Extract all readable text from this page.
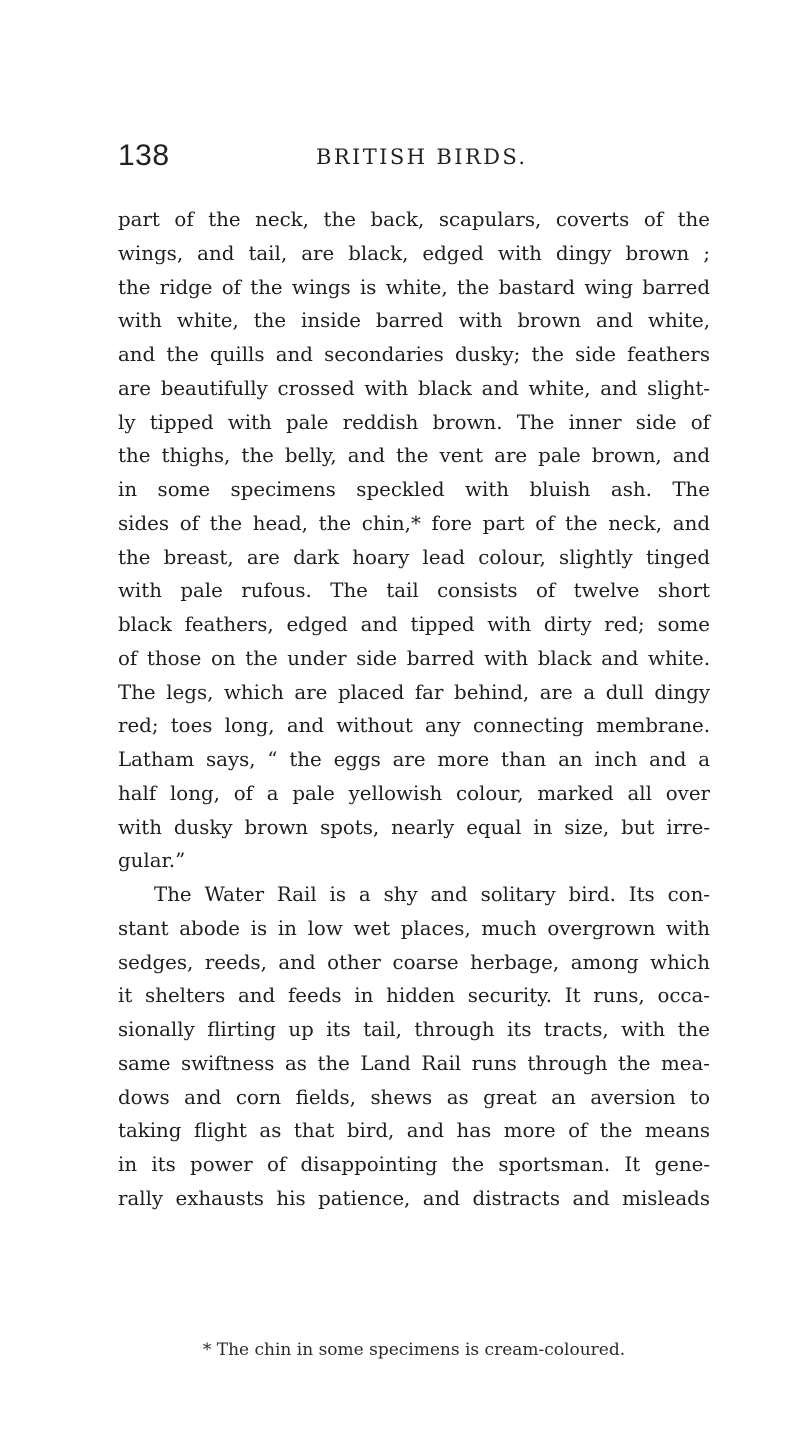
138	BRITISH BIRDS.
part of the neck, the back, scapulars, coverts of the
wings, and tail, are black, edged with dingy brown ;
the ridge of the wings is white, the bastard wing barred
with white, the inside barred with brown and white,
and the quills and secondaries dusky; the side feathers
are beautifully crossed with black and white, and slight-
ly tipped with pale reddish brown. The inner side of
the thighs, the belly, and the vent are pale brown, and
in some specimens speckled with bluish ash. The
sides of the head, the chin,* fore part of the neck, and
the breast, are dark hoary lead colour, slightly tinged
with pale rufous. The tail consists of twelve short
black feathers, edged and tipped with dirty red; some
of those on the under side barred with black and white.
The legs, which are placed far behind, are a dull dingy
red; toes long, and without any connecting membrane.
Latham says, “ the eggs are more than an inch and a
half long, of a pale yellowish colour, marked all over
with dusky brown spots, nearly equal in size, but irre-
gular.”
The Water Rail is a shy and solitary bird. Its con-
stant abode is in low wet places, much overgrown with
sedges, reeds, and other coarse herbage, among which
it shelters and feeds in hidden security. It runs, occa-
sionally flirting up its tail, through its tracts, with the
same swiftness as the Land Rail runs through the mea-
dows and corn fields, shews as great an aversion to
taking flight as that bird, and has more of the means
in its power of disappointing the sportsman. It gene-
rally exhausts his patience, and distracts and misleads
* The chin in some specimens is cream-coloured.
